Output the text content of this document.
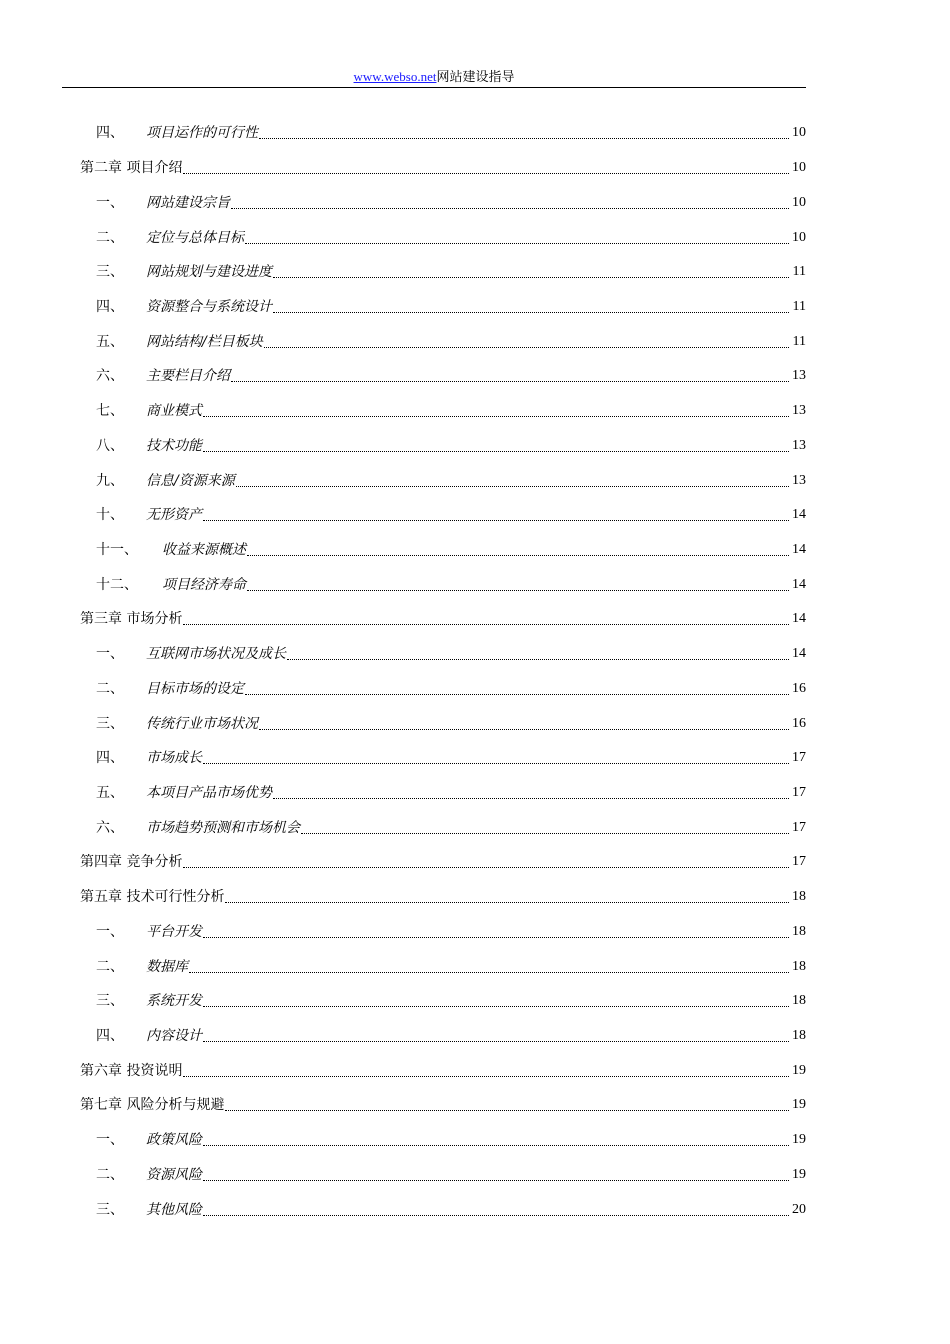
www.webso.net网站建设指导
四、	项目运作的可行性	10
第二章 项目介绍	10
一、	网站建设宗旨	10
二、	定位与总体目标	10
三、	网站规划与建设进度	11
四、	资源整合与系统设计	11
五、	网站结构/栏目板块	11
六、	主要栏目介绍	13
七、	商业模式	13
八、	技术功能	13
九、	信息/资源来源	13
十、	无形资产	14
十一、	收益来源概述	14
十二、	项目经济寿命	14
第三章 市场分析	14
一、	互联网市场状况及成长	14
二、	目标市场的设定	16
三、	传统行业市场状况	16
四、	市场成长	17
五、	本项目产品市场优势	17
六、	市场趋势预测和市场机会	17
第四章 竞争分析	17
第五章 技术可行性分析	18
一、	平台开发	18
二、	数据库	18
三、	系统开发	18
四、	内容设计	18
第六章 投资说明	19
第七章 风险分析与规避	19
一、	政策风险	19
二、	资源风险	19
三、	其他风险	20
